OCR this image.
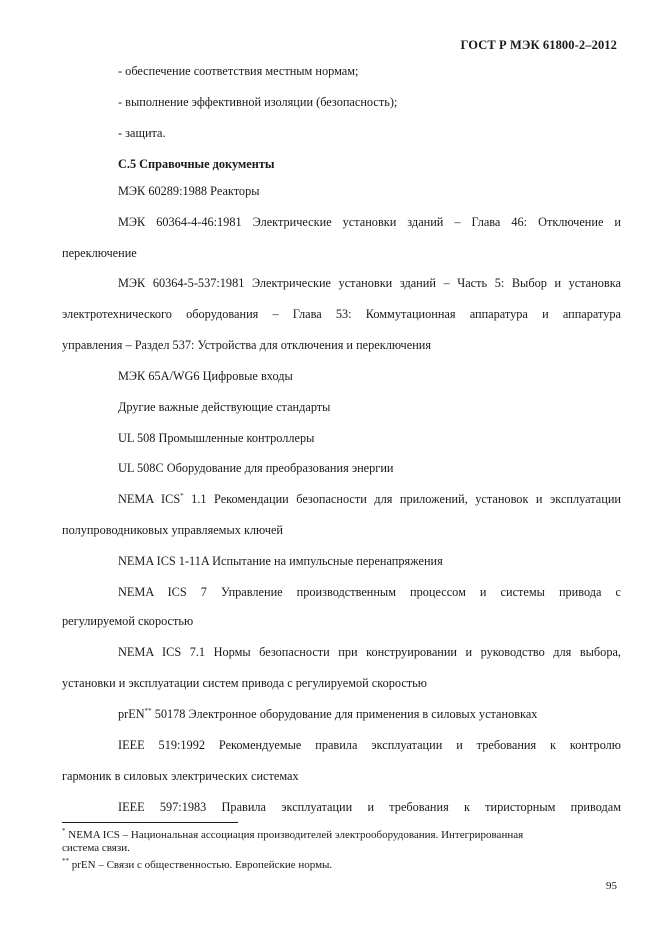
ГОСТ Р МЭК 61800-2–2012
- обеспечение соответствия местным нормам;
- выполнение эффективной изоляции (безопасность);
- защита.
С.5 Справочные документы
МЭК 60289:1988 Реакторы
МЭК 60364-4-46:1981 Электрические установки зданий – Глава 46: Отключение и
переключение
МЭК 60364-5-537:1981 Электрические установки зданий – Часть 5: Выбор и установка
электротехнического оборудования – Глава 53: Коммутационная аппаратура и аппаратура
управления – Раздел 537: Устройства для отключения и переключения
МЭК 65A/WG6 Цифровые входы
Другие важные действующие стандарты
UL 508 Промышленные контроллеры
UL 508C Оборудование для преобразования энергии
NEMA ICS* 1.1 Рекомендации безопасности для приложений, установок и эксплуатации
полупроводниковых управляемых ключей
NEMA ICS 1-11A Испытание на импульсные перенапряжения
NEMA ICS 7 Управление производственным процессом и системы привода с
регулируемой скоростью
NEMA ICS 7.1 Нормы безопасности при конструировании и руководство для выбора,
установки и эксплуатации систем привода с регулируемой скоростью
prEN** 50178 Электронное оборудование для применения в силовых установках
IEEE 519:1992 Рекомендуемые правила эксплуатации и требования к контролю
гармоник в силовых электрических системах
IEEE 597:1983 Правила эксплуатации и требования к тиристорным приводам
* NEMA ICS – Национальная ассоциация производителей электрооборудования. Интегрированная
система связи.
** prEN – Связи с общественностью. Европейские нормы.
95
